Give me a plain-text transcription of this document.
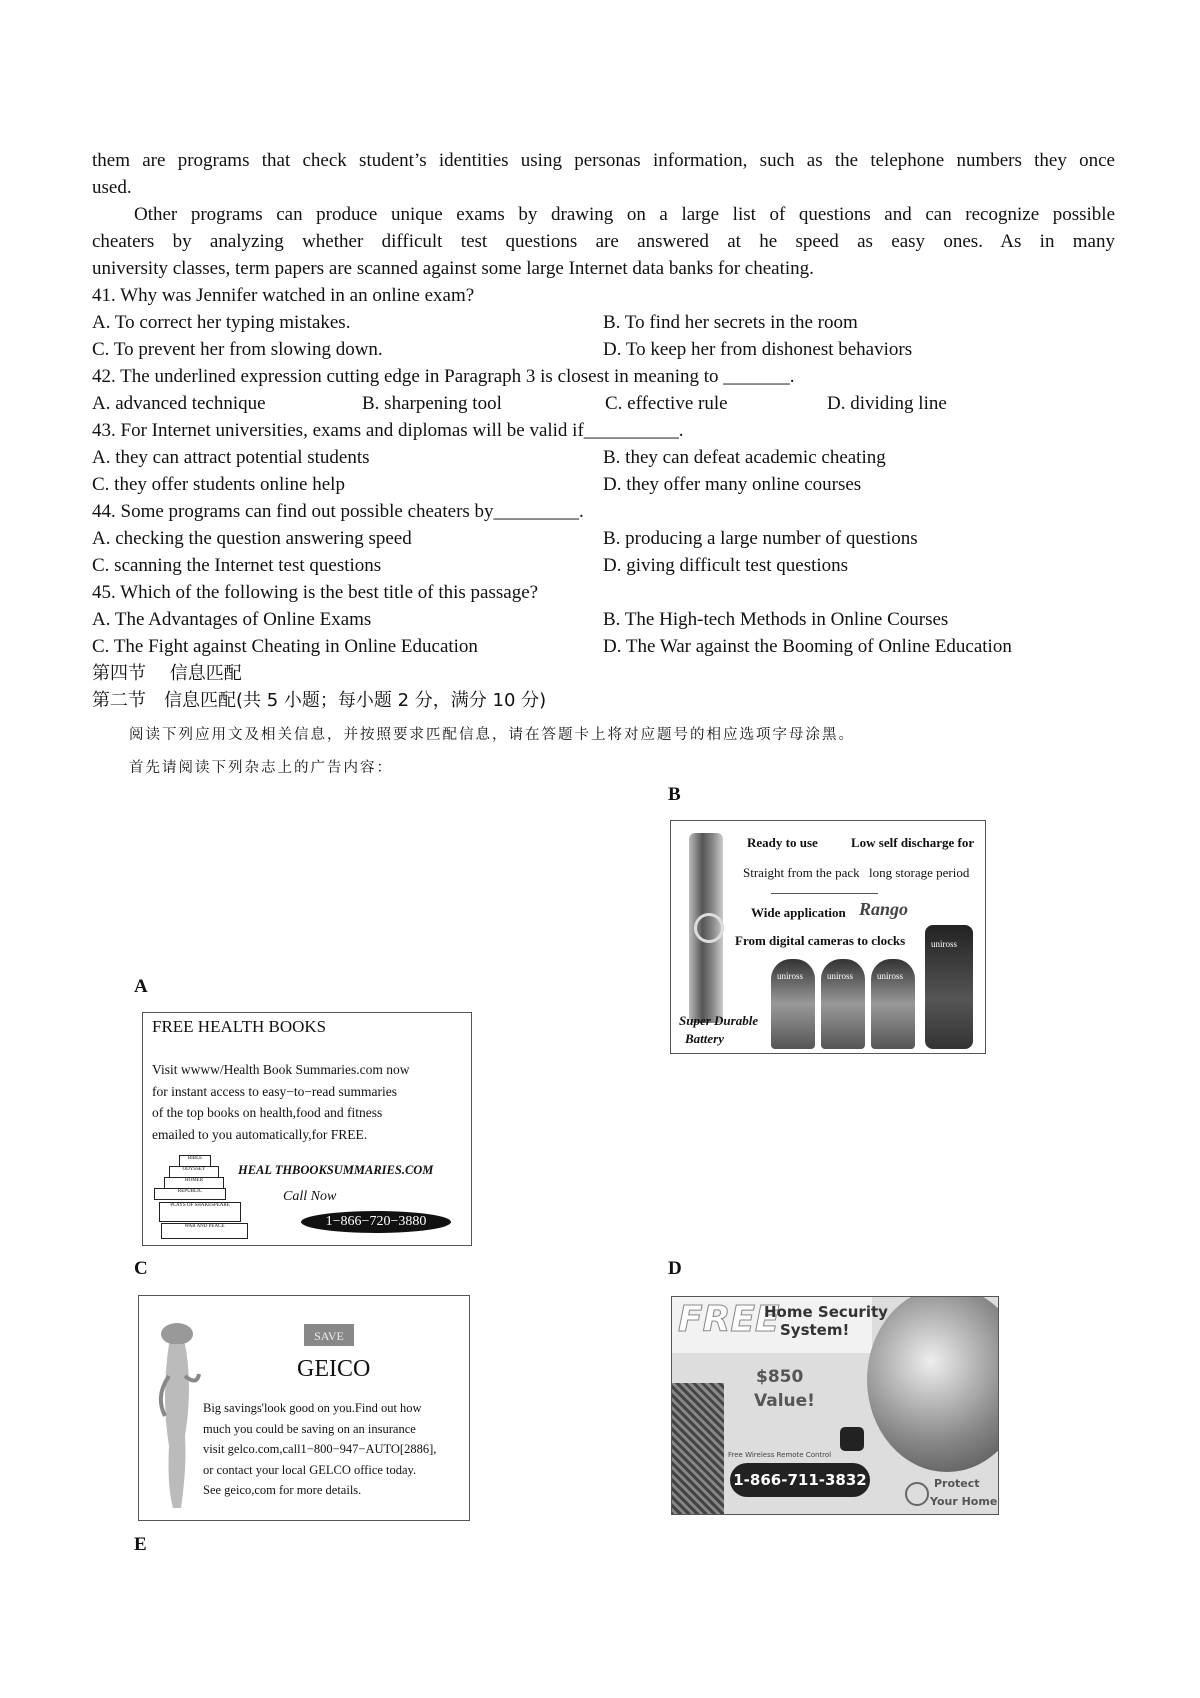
them are programs that check student’s identities using personas information, such as the telephone numbers they once
used.
Other programs can produce unique exams by drawing on a large list of questions and can recognize possible
cheaters by analyzing whether difficult test questions are answered at he speed as easy ones. As in many
university classes, term papers are scanned against some large Internet data banks for cheating.
41. Why was Jennifer watched in an online exam?
A. To correct her typing mistakes.	B. To find her secrets in the room
C. To prevent her from slowing down.	D. To keep her from dishonest behaviors
42. The underlined expression cutting edge in Paragraph 3 is closest in meaning to _______.
A. advanced technique	B. sharpening tool	C. effective rule	D. dividing line
43. For Internet universities, exams and diplomas will be valid if__________.
A. they can attract potential students	B. they can defeat academic cheating
C. they offer students online help	D. they offer many online courses
44. Some programs can find out possible cheaters by_________.
A. checking the question answering speed	B. producing a large number of questions
C. scanning the Internet test questions	D. giving difficult test questions
45. Which of the following is the best title of this passage?
A. The Advantages of Online Exams	B. The High-tech Methods in Online Courses
C. The Fight against Cheating in Online Education	D. The War against the Booming of Online Education
第四节　 信息匹配
第二节　信息匹配(共 5 小题；每小题 2 分，满分 10 分)
阅读下列应用文及相关信息，并按照要求匹配信息，请在答题卡上将对应题号的相应选项字母涂黑。
首先请阅读下列杂志上的广告内容：
B
A
C	D
E
Ready to use	Low self discharge for
Straight from the pack long storage period
Wide application Rango
From digital cameras to clocks
Super Durable
Battery
uniross	uniross	uniross
uniross
FREE HEALTH BOOKS
Visit wwww/Health Book Summaries.com now
for instant access to easy−to−read summaries
of the top books on health,food and fitness
emailed to you automatically,for FREE.
BIBLE
ODYSSEY
HOMER
REPUBLIC
PLAYS OF SHAKESPEARE
WAR AND PEACE
HEAL THBOOKSUMMARIES.COM
Call Now
1−866−720−3880
SAVE
GEICO
Big savings'look good on you.Find out how
much you could be saving on an insurance
visit gelco.com,call1−800−947−AUTO[2886],
or contact your local GELCO office today.
See geico,com for more details.
FREE
Home Security
System!
$850
Value!
Free Wireless Remote Control
1-866-711-3832	Protect
Your Home
